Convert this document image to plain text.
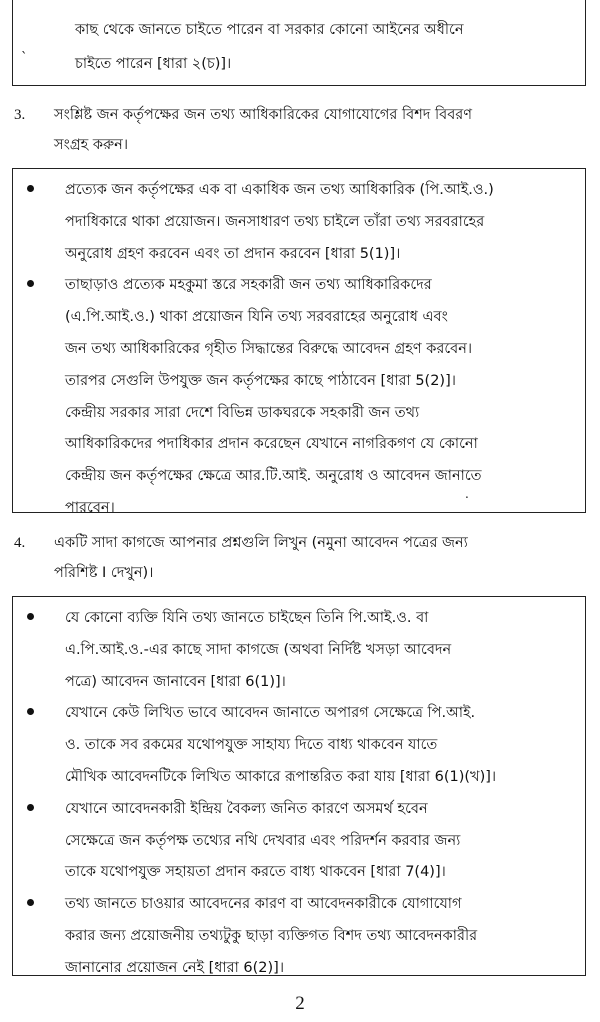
`

কাছ থেকে জানতে চাইতে পারেন বা সরকার কোনো আইনের অধীনে

চাইতে পারেন [ধারা ২(চ)]।

3.	সংশ্লিষ্ট জন কর্তৃপক্ষের জন তথ্য আধিকারিকের যোগাযোগের বিশদ বিবরণ
সংগ্রহ করুন।
প্রত্যেক জন কর্তৃপক্ষের এক বা একাধিক জন তথ্য আধিকারিক (পি.আই.ও.)
পদাধিকারে থাকা প্রয়োজন। জনসাধারণ তথ্য চাইলে তাঁরা তথ্য সরবরাহের
অনুরোধ গ্রহণ করবেন এবং তা প্রদান করবেন [ধারা 5(1)]।
তাছাড়াও প্রত্যেক মহকুমা স্তরে সহকারী জন তথ্য আধিকারিকদের
(এ.পি.আই.ও.) থাকা প্রয়োজন যিনি তথ্য সরবরাহের অনুরোধ এবং
জন তথ্য আধিকারিকের গৃহীত সিদ্ধান্তের বিরুদ্ধে আবেদন গ্রহণ করবেন।
তারপর সেগুলি উপযুক্ত জন কর্তৃপক্ষের কাছে পাঠাবেন [ধারা 5(2)]।
কেন্দ্রীয় সরকার সারা দেশে বিভিন্ন ডাকঘরকে সহকারী জন তথ্য
আধিকারিকদের পদাধিকার প্রদান করেছেন যেখানে নাগরিকগণ যে কোনো
কেন্দ্রীয় জন কর্তৃপক্ষের ক্ষেত্রে আর.টি.আই. অনুরোধ ও আবেদন জানাতে
পারবেন।
.
4.	একটি সাদা কাগজে আপনার প্রশ্নগুলি লিখুন (নমুনা আবেদন পত্রের জন্য
পরিশিষ্ট I দেখুন)।
যে কোনো ব্যক্তি যিনি তথ্য জানতে চাইছেন তিনি পি.আই.ও. বা
এ.পি.আই.ও.-এর কাছে সাদা কাগজে (অথবা নির্দিষ্ট খসড়া আবেদন
পত্রে) আবেদন জানাবেন [ধারা 6(1)]।
যেখানে কেউ লিখিত ভাবে আবেদন জানাতে অপারগ সেক্ষেত্রে পি.আই.
ও. তাকে সব রকমের যথোপযুক্ত সাহায্য দিতে বাধ্য থাকবেন যাতে
মৌখিক আবেদনটিকে লিখিত আকারে রূপান্তরিত করা যায় [ধারা 6(1)(খ)]।
যেখানে আবেদনকারী ইন্দ্রিয় বৈকল্য জনিত কারণে অসমর্থ হবেন
সেক্ষেত্রে জন কর্তৃপক্ষ তথ্যের নথি দেখবার এবং পরিদর্শন করবার জন্য
তাকে যথোপযুক্ত সহায়তা প্রদান করতে বাধ্য থাকবেন [ধারা 7(4)]।
তথ্য জানতে চাওয়ার আবেদনের কারণ বা আবেদনকারীকে যোগাযোগ
করার জন্য প্রয়োজনীয় তথ্যটুকু ছাড়া ব্যক্তিগত বিশদ তথ্য আবেদনকারীর
জানানোর প্রয়োজন নেই [ধারা 6(2)]।
2
